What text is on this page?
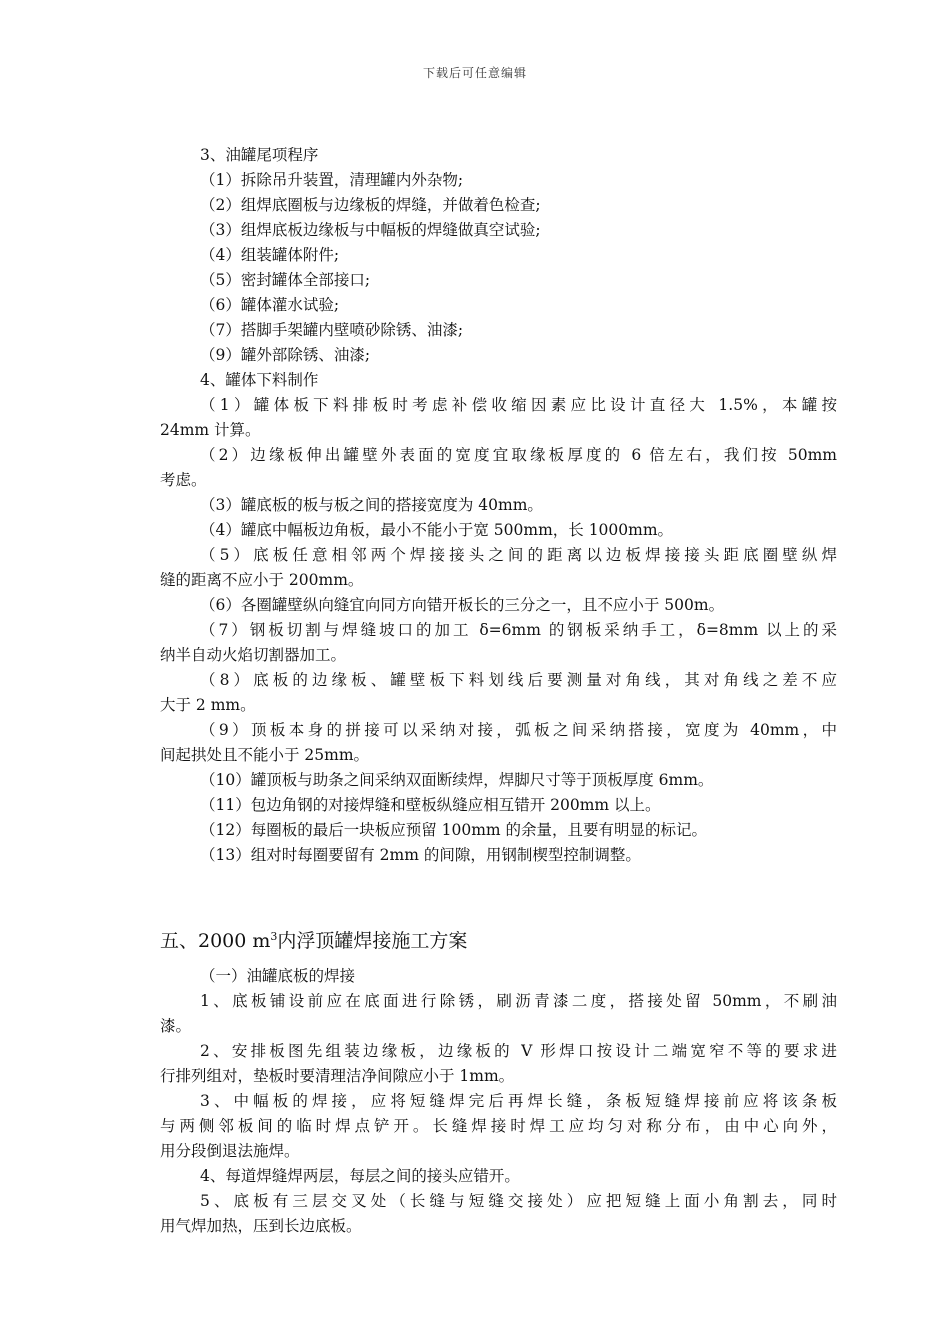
下载后可任意编辑
3、油罐尾项程序
（1）拆除吊升装置，清理罐内外杂物;
（2）组焊底圈板与边缘板的焊缝，并做着色检查;
（3）组焊底板边缘板与中幅板的焊缝做真空试验;
（4）组装罐体附件;
（5）密封罐体全部接口;
（6）罐体灌水试验;
（7）搭脚手架罐内壁喷砂除锈、油漆;
（9）罐外部除锈、油漆;
4、罐体下料制作
（1）罐体板下料排板时考虑补偿收缩因素应比设计直径大 1.5%，本罐按
24mm 计算。
（2）边缘板伸出罐壁外表面的宽度宜取缘板厚度的 6 倍左右，我们按 50mm
考虑。
（3）罐底板的板与板之间的搭接宽度为 40mm。
（4）罐底中幅板边角板，最小不能小于宽 500mm，长 1000mm。
（5）底板任意相邻两个焊接接头之间的距离以边板焊接接头距底圈壁纵焊
缝的距离不应小于 200mm。
（6）各圈罐壁纵向缝宜向同方向错开板长的三分之一，且不应小于 500m。
（7）钢板切割与焊缝坡口的加工 δ=6mm 的钢板采纳手工，δ=8mm 以上的采
纳半自动火焰切割器加工。
（8）底板的边缘板、罐壁板下料划线后要测量对角线，其对角线之差不应
大于 2 mm。
（9）顶板本身的拼接可以采纳对接，弧板之间采纳搭接，宽度为 40mm，中
间起拱处且不能小于 25mm。
（10）罐顶板与助条之间采纳双面断续焊，焊脚尺寸等于顶板厚度 6mm。
（11）包边角钢的对接焊缝和壁板纵缝应相互错开 200mm 以上。
（12）每圈板的最后一块板应预留 100mm 的余量，且要有明显的标记。
（13）组对时每圈要留有 2mm 的间隙，用钢制楔型控制调整。
五、2000 $m^3$内浮顶罐焊接施工方案
（一）油罐底板的焊接
1、底板铺设前应在底面进行除锈，刷沥青漆二度，搭接处留 50mm，不刷油
漆。
2、安排板图先组装边缘板，边缘板的 V 形焊口按设计二端宽窄不等的要求进
行排列组对，垫板时要清理洁净间隙应小于 1mm。
3、中幅板的焊接，应将短缝焊完后再焊长缝，条板短缝焊接前应将该条板
与两侧邻板间的临时焊点铲开。长缝焊接时焊工应均匀对称分布，由中心向外，
用分段倒退法施焊。
4、每道焊缝焊两层，每层之间的接头应错开。
5、底板有三层交叉处（长缝与短缝交接处）应把短缝上面小角割去，同时
用气焊加热，压到长边底板。
